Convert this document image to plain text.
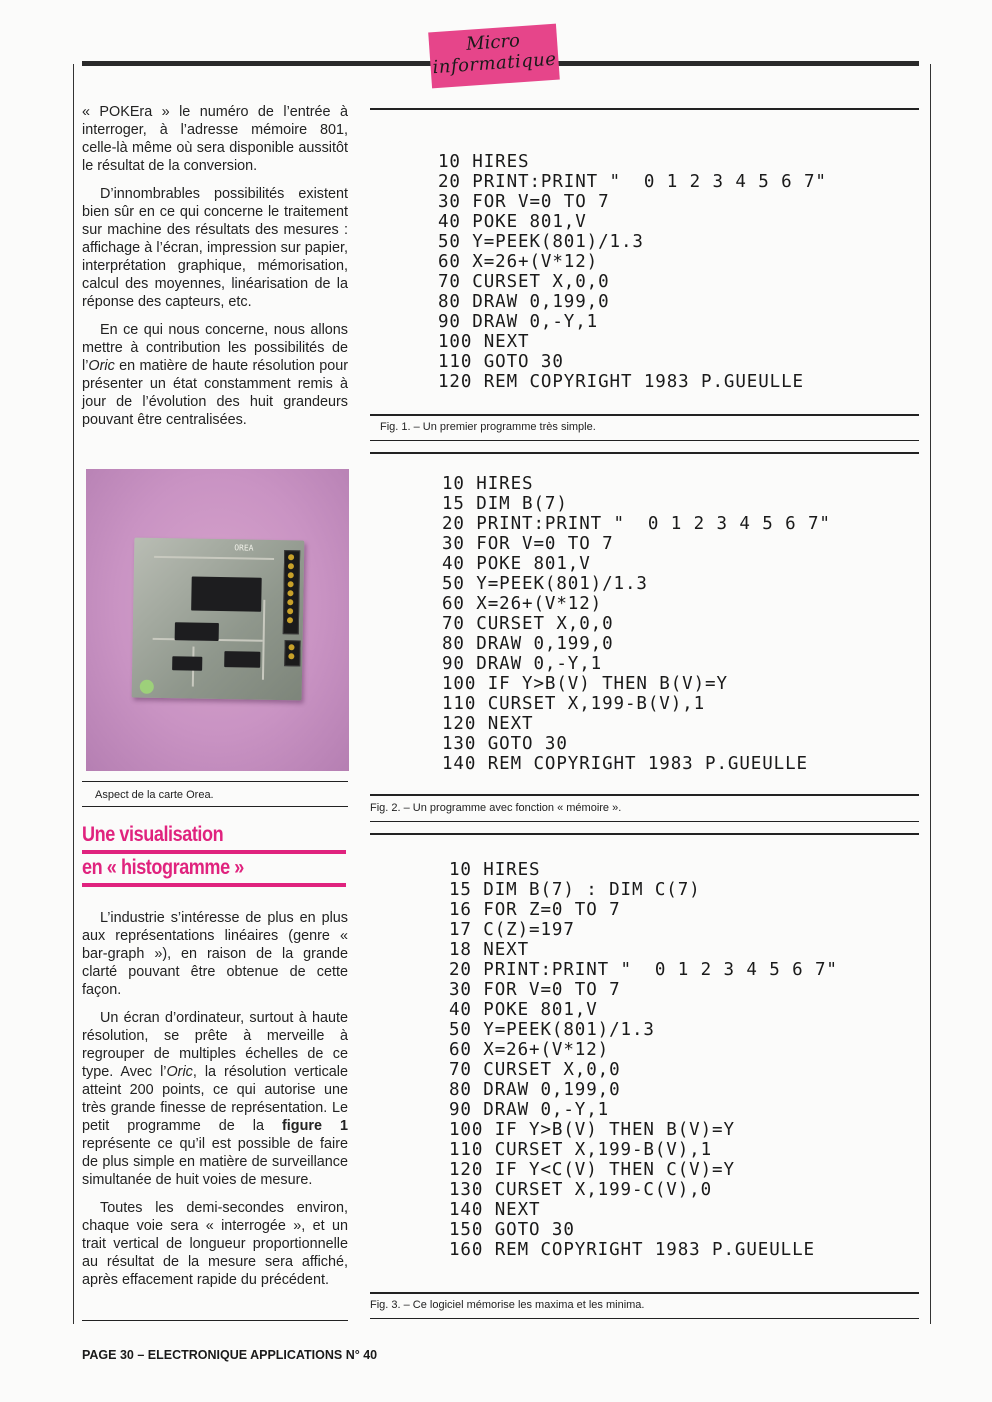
Micro
informatique

« POKEra » le numéro de l’entrée à interroger, à l’adresse mémoire 801, celle-là même où sera disponible aussitôt le résultat de la conversion.

D’innombrables possibilités existent bien sûr en ce qui concerne le traitement sur machine des résultats des mesures : affichage à l’écran, impression sur papier, interprétation graphique, mémorisation, calcul des moyennes, linéarisation de la réponse des capteurs, etc.

En ce qui nous concerne, nous allons mettre à contribution les possibilités de l’Oric en matière de haute résolution pour présenter un état constamment remis à jour de l’évolution des huit grandeurs pouvant être centralisées.

OREA
Aspect de la carte Orea.
Une visualisation
en « histogramme »

L’industrie s’intéresse de plus en plus aux représentations linéaires (genre « bar-graph »), en raison de la grande clarté pouvant être obtenue de cette façon.

Un écran d’ordinateur, surtout à haute résolution, se prête à merveille à regrouper de multiples échelles de ce type. Avec l’Oric, la résolution verticale atteint 200 points, ce qui autorise une très grande finesse de représentation. Le petit programme de la figure 1 représente ce qu’il est possible de faire de plus simple en matière de surveillance simultanée de huit voies de mesure.

Toutes les demi-secondes environ, chaque voie sera « interrogée », et un trait vertical de longueur proportionnelle au résultat de la mesure sera affiché, après effacement rapide du précédent.

10 HIRES
20 PRINT:PRINT "  0 1 2 3 4 5 6 7"
30 FOR V=0 TO 7
40 POKE 801,V
50 Y=PEEK(801)/1.3
60 X=26+(V*12)
70 CURSET X,0,0
80 DRAW 0,199,0
90 DRAW 0,-Y,1
100 NEXT
110 GOTO 30
120 REM COPYRIGHT 1983 P.GUEULLE
Fig. 1. – Un premier programme très simple.
10 HIRES
15 DIM B(7)
20 PRINT:PRINT "  0 1 2 3 4 5 6 7"
30 FOR V=0 TO 7
40 POKE 801,V
50 Y=PEEK(801)/1.3
60 X=26+(V*12)
70 CURSET X,0,0
80 DRAW 0,199,0
90 DRAW 0,-Y,1
100 IF Y>B(V) THEN B(V)=Y
110 CURSET X,199-B(V),1
120 NEXT
130 GOTO 30
140 REM COPYRIGHT 1983 P.GUEULLE
Fig. 2. – Un programme avec fonction « mémoire ».
10 HIRES
15 DIM B(7) : DIM C(7)
16 FOR Z=0 TO 7
17 C(Z)=197
18 NEXT
20 PRINT:PRINT "  0 1 2 3 4 5 6 7"
30 FOR V=0 TO 7
40 POKE 801,V
50 Y=PEEK(801)/1.3
60 X=26+(V*12)
70 CURSET X,0,0
80 DRAW 0,199,0
90 DRAW 0,-Y,1
100 IF Y>B(V) THEN B(V)=Y
110 CURSET X,199-B(V),1
120 IF Y<C(V) THEN C(V)=Y
130 CURSET X,199-C(V),0
140 NEXT
150 GOTO 30
160 REM COPYRIGHT 1983 P.GUEULLE
Fig. 3. – Ce logiciel mémorise les maxima et les minima.
PAGE 30 – ELECTRONIQUE APPLICATIONS N° 40
